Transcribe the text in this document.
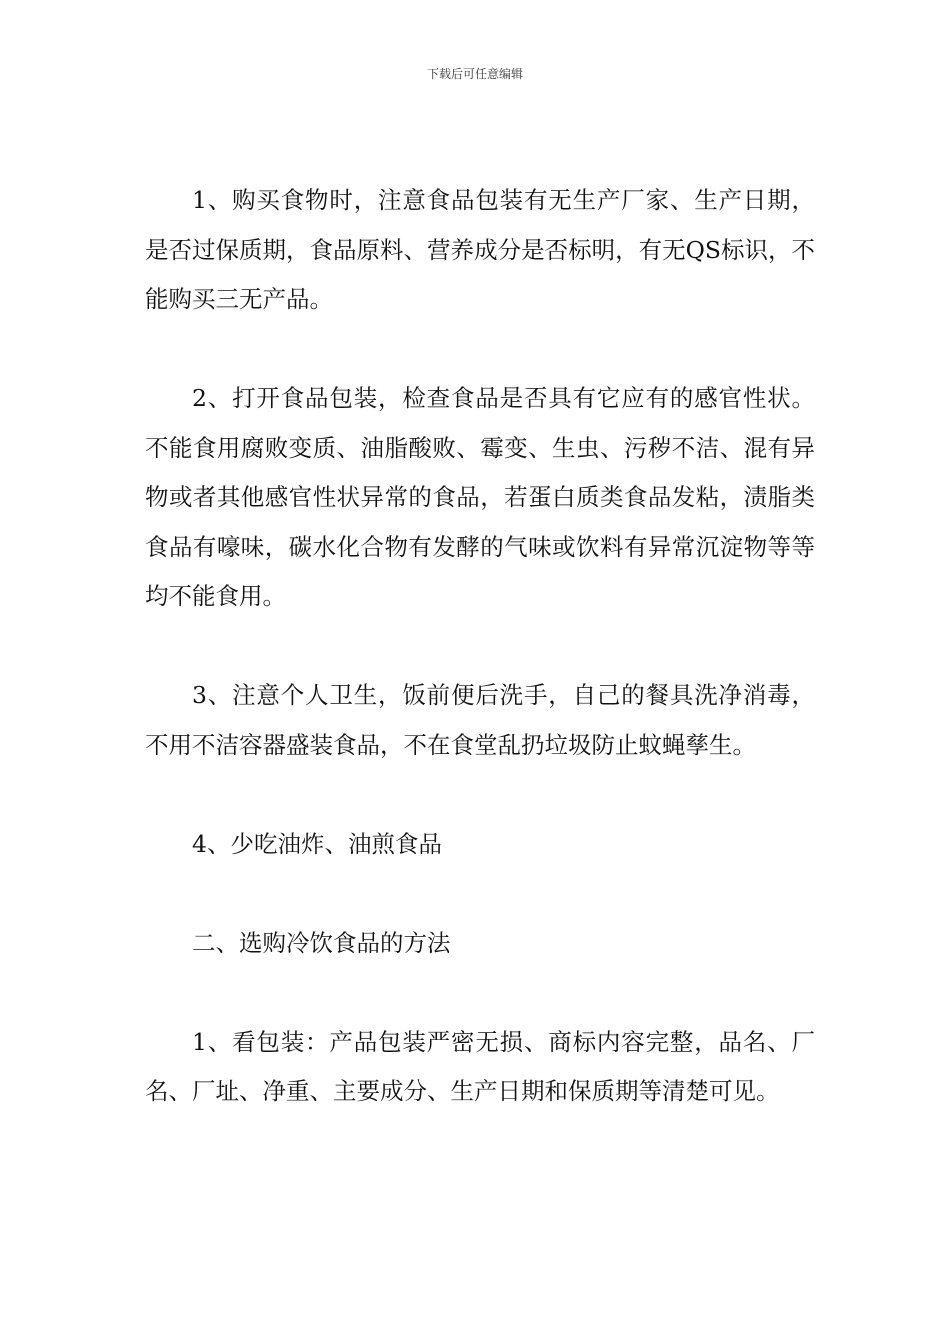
下载后可任意编辑

1、购买食物时，注意食品包装有无生产厂家、生产日期，是否过保质期，食品原料、营养成分是否标明，有无QS标识，不能购买三无产品。

2、打开食品包装，检查食品是否具有它应有的感官性状。不能食用腐败变质、油脂酸败、霉变、生虫、污秽不洁、混有异物或者其他感官性状异常的食品，若蛋白质类食品发粘，渍脂类食品有嚎味，碳水化合物有发酵的气味或饮料有异常沉淀物等等均不能食用。

3、注意个人卫生，饭前便后洗手，自己的餐具洗净消毒，不用不洁容器盛装食品，不在食堂乱扔垃圾防止蚊蝇孳生。

4、少吃油炸、油煎食品

二、选购冷饮食品的方法

1、看包装：产品包装严密无损、商标内容完整，品名、厂名、厂址、净重、主要成分、生产日期和保质期等清楚可见。
